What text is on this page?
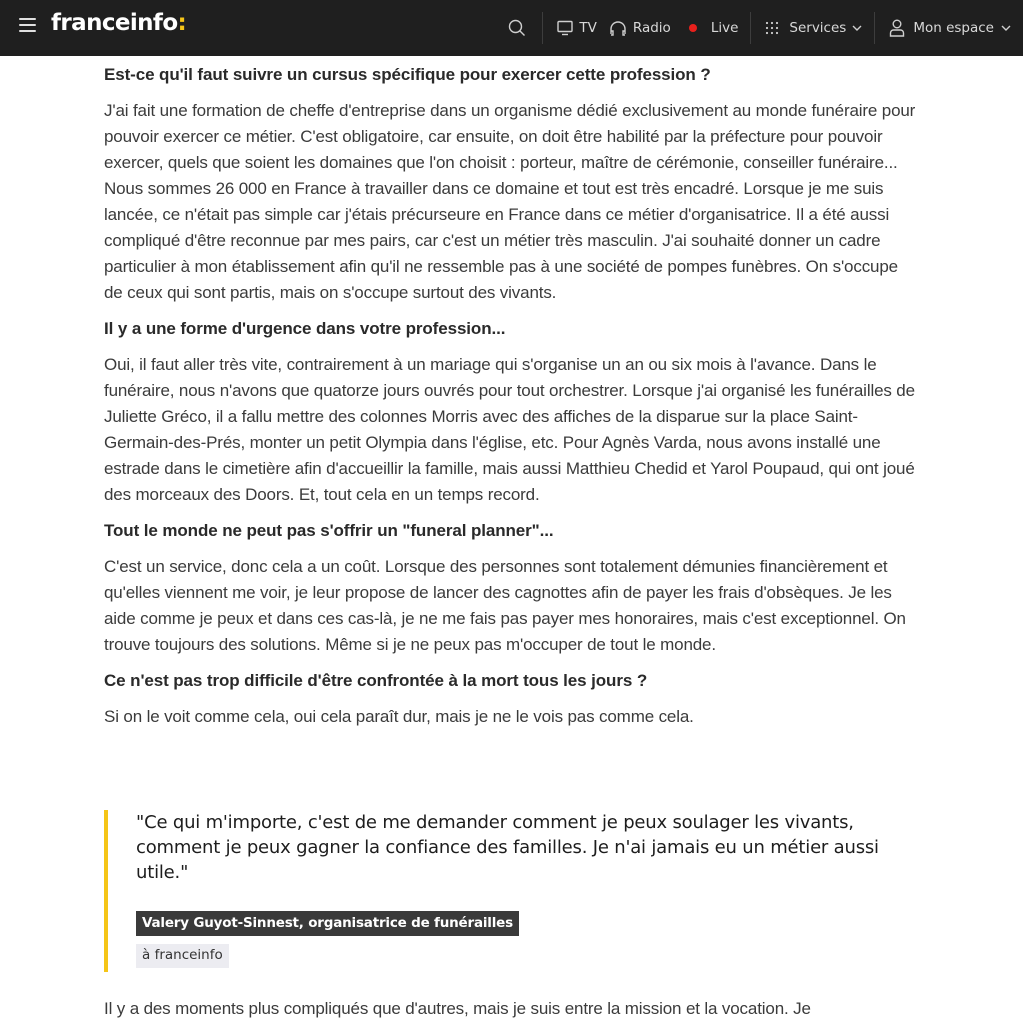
franceinfo:	TV	Radio	Live	Services	Mon espace
Est-ce qu'il faut suivre un cursus spécifique pour exercer cette profession ?

J'ai fait une formation de cheffe d'entreprise dans un organisme dédié exclusivement au monde funéraire pour pouvoir exercer ce métier. C'est obligatoire, car ensuite, on doit être habilité par la préfecture pour pouvoir exercer, quels que soient les domaines que l'on choisit : porteur, maître de cérémonie, conseiller funéraire... Nous sommes 26 000 en France à travailler dans ce domaine et tout est très encadré. Lorsque je me suis lancée, ce n'était pas simple car j'étais précurseure en France dans ce métier d'organisatrice. Il a été aussi compliqué d'être reconnue par mes pairs, car c'est un métier très masculin. J'ai souhaité donner un cadre particulier à mon établissement afin qu'il ne ressemble pas à une société de pompes funèbres. On s'occupe de ceux qui sont partis, mais on s'occupe surtout des vivants.

Il y a une forme d'urgence dans votre profession...

Oui, il faut aller très vite, contrairement à un mariage qui s'organise un an ou six mois à l'avance. Dans le funéraire, nous n'avons que quatorze jours ouvrés pour tout orchestrer. Lorsque j'ai organisé les funérailles de Juliette Gréco, il a fallu mettre des colonnes Morris avec des affiches de la disparue sur la place Saint-Germain-des-Prés, monter un petit Olympia dans l'église, etc. Pour Agnès Varda, nous avons installé une estrade dans le cimetière afin d'accueillir la famille, mais aussi Matthieu Chedid et Yarol Poupaud, qui ont joué des morceaux des Doors. Et, tout cela en un temps record.

Tout le monde ne peut pas s'offrir un "funeral planner"...

C'est un service, donc cela a un coût. Lorsque des personnes sont totalement démunies financièrement et qu'elles viennent me voir, je leur propose de lancer des cagnottes afin de payer les frais d'obsèques. Je les aide comme je peux et dans ces cas-là, je ne me fais pas payer mes honoraires, mais c'est exceptionnel. On trouve toujours des solutions. Même si je ne peux pas m'occuper de tout le monde.

Ce n'est pas trop difficile d'être confrontée à la mort tous les jours ?

Si on le voit comme cela, oui cela paraît dur, mais je ne le vois pas comme cela.

"Ce qui m'importe, c'est de me demander comment je peux soulager les vivants, comment je peux gagner la confiance des familles. Je n'ai jamais eu un métier aussi utile."

Valery Guyot-Sinnest, organisatrice de funérailles
à franceinfo

Il y a des moments plus compliqués que d'autres, mais je suis entre la mission et la vocation. Je
